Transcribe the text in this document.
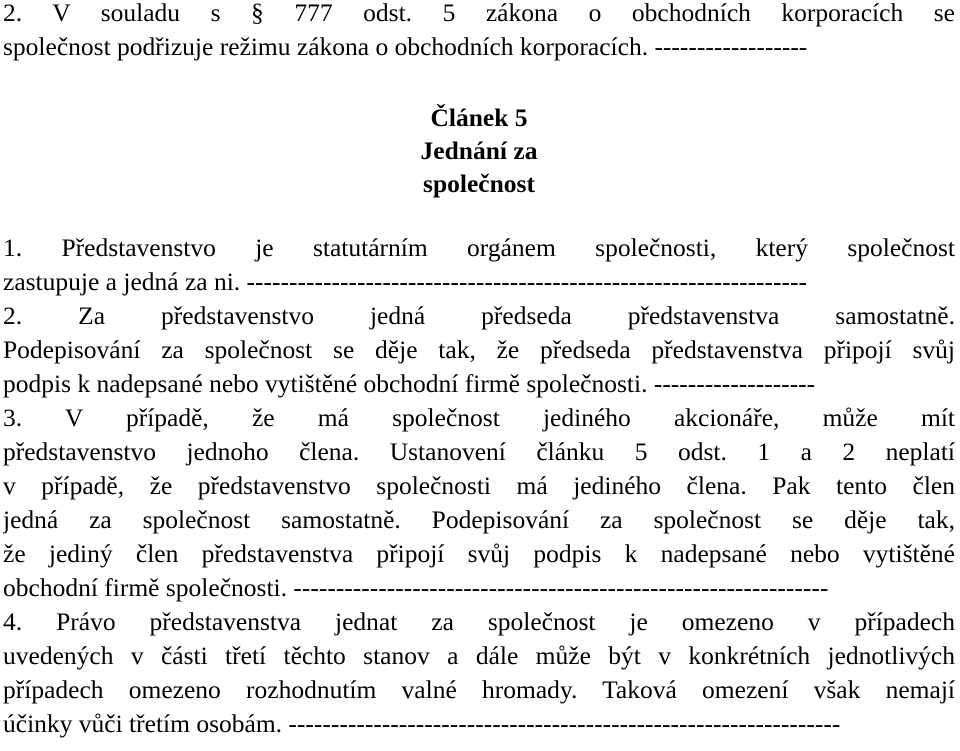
2. V souladu s § 777 odst. 5 zákona o obchodních korporacích se
společnost podřizuje režimu zákona o obchodních korporacích. ------------------
Článek 5
Jednání za
společnost
1. Představenstvo je statutárním orgánem společnosti, který společnost
zastupuje a jedná za ni. ------------------------------------------------------------------
2. Za představenstvo jedná předseda představenstva samostatně.
Podepisování za společnost se děje tak, že předseda představenstva připojí svůj
podpis k nadepsané nebo vytištěné obchodní firmě společnosti. -------------------
3. V případě, že má společnost jediného akcionáře, může mít
představenstvo jednoho člena. Ustanovení článku 5 odst. 1 a 2 neplatí
v případě, že představenstvo společnosti má jediného člena. Pak tento člen
jedná za společnost samostatně. Podepisování za společnost se děje tak,
že jediný člen představenstva připojí svůj podpis k nadepsané nebo vytištěné
obchodní firmě společnosti. ---------------------------------------------------------------
4. Právo představenstva jednat za společnost je omezeno v případech
uvedených v části třetí těchto stanov a dále může být v konkrétních jednotlivých
případech omezeno rozhodnutím valné hromady. Taková omezení však nemají
účinky vůči třetím osobám. -----------------------------------------------------------------
